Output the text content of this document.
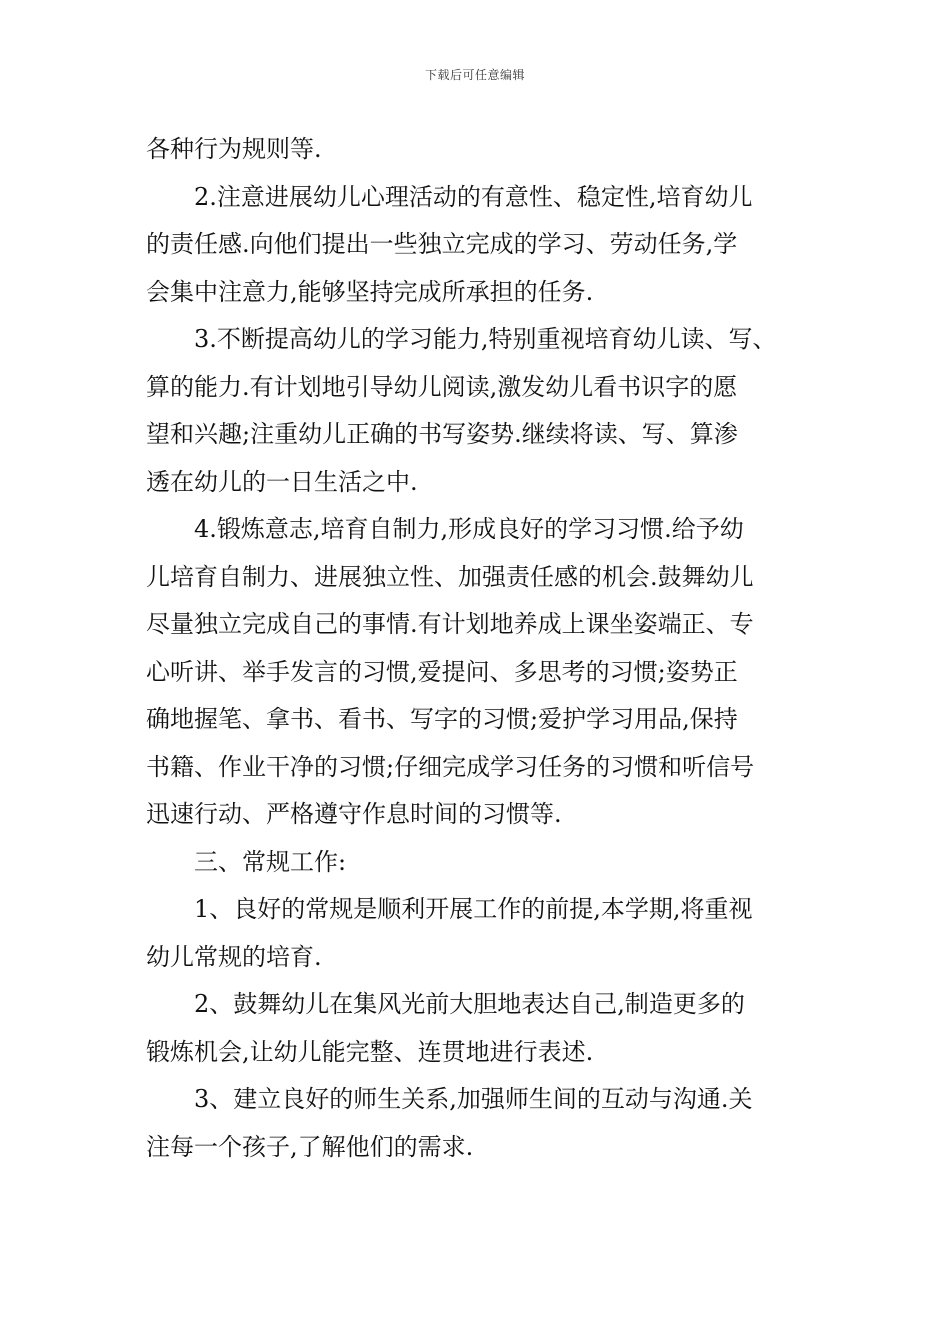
下载后可任意编辑
各种行为规则等.
2.注意进展幼儿心理活动的有意性、稳定性,培育幼儿
的责任感.向他们提出一些独立完成的学习、劳动任务,学
会集中注意力,能够坚持完成所承担的任务.
3.不断提高幼儿的学习能力,特别重视培育幼儿读、写、
算的能力.有计划地引导幼儿阅读,激发幼儿看书识字的愿
望和兴趣;注重幼儿正确的书写姿势.继续将读、写、算渗
透在幼儿的一日生活之中.
4.锻炼意志,培育自制力,形成良好的学习习惯.给予幼
儿培育自制力、进展独立性、加强责任感的机会.鼓舞幼儿
尽量独立完成自己的事情.有计划地养成上课坐姿端正、专
心听讲、举手发言的习惯,爱提问、多思考的习惯;姿势正
确地握笔、拿书、看书、写字的习惯;爱护学习用品,保持
书籍、作业干净的习惯;仔细完成学习任务的习惯和听信号
迅速行动、严格遵守作息时间的习惯等.
三、常规工作:
1、良好的常规是顺利开展工作的前提,本学期,将重视
幼儿常规的培育.
2、鼓舞幼儿在集风光前大胆地表达自己,制造更多的
锻炼机会,让幼儿能完整、连贯地进行表述.
3、建立良好的师生关系,加强师生间的互动与沟通.关
注每一个孩子,了解他们的需求.
